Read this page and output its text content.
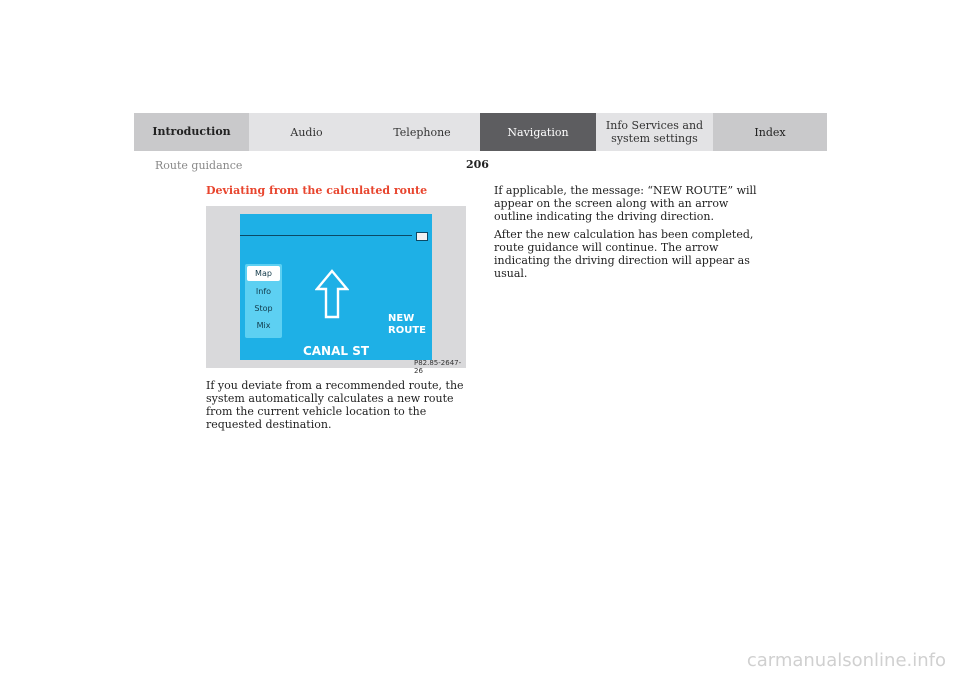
Introduction	Audio	Telephone	Navigation	Info Services and
system settings	Index
Route guidance	206
Deviating from the calculated route
Map
Info
Stop
Mix
NEW
ROUTE
CANAL ST
P82.85-2647-26

If you deviate from a recommended route, the system automatically calculates a new route from the current vehicle location to the requested destination.

If applicable, the message: “NEW ROUTE” will appear on the screen along with an arrow outline indicating the driving direction.

After the new calculation has been completed, route guidance will continue. The arrow indicating the driving direction will appear as usual.

carmanualsonline.info
